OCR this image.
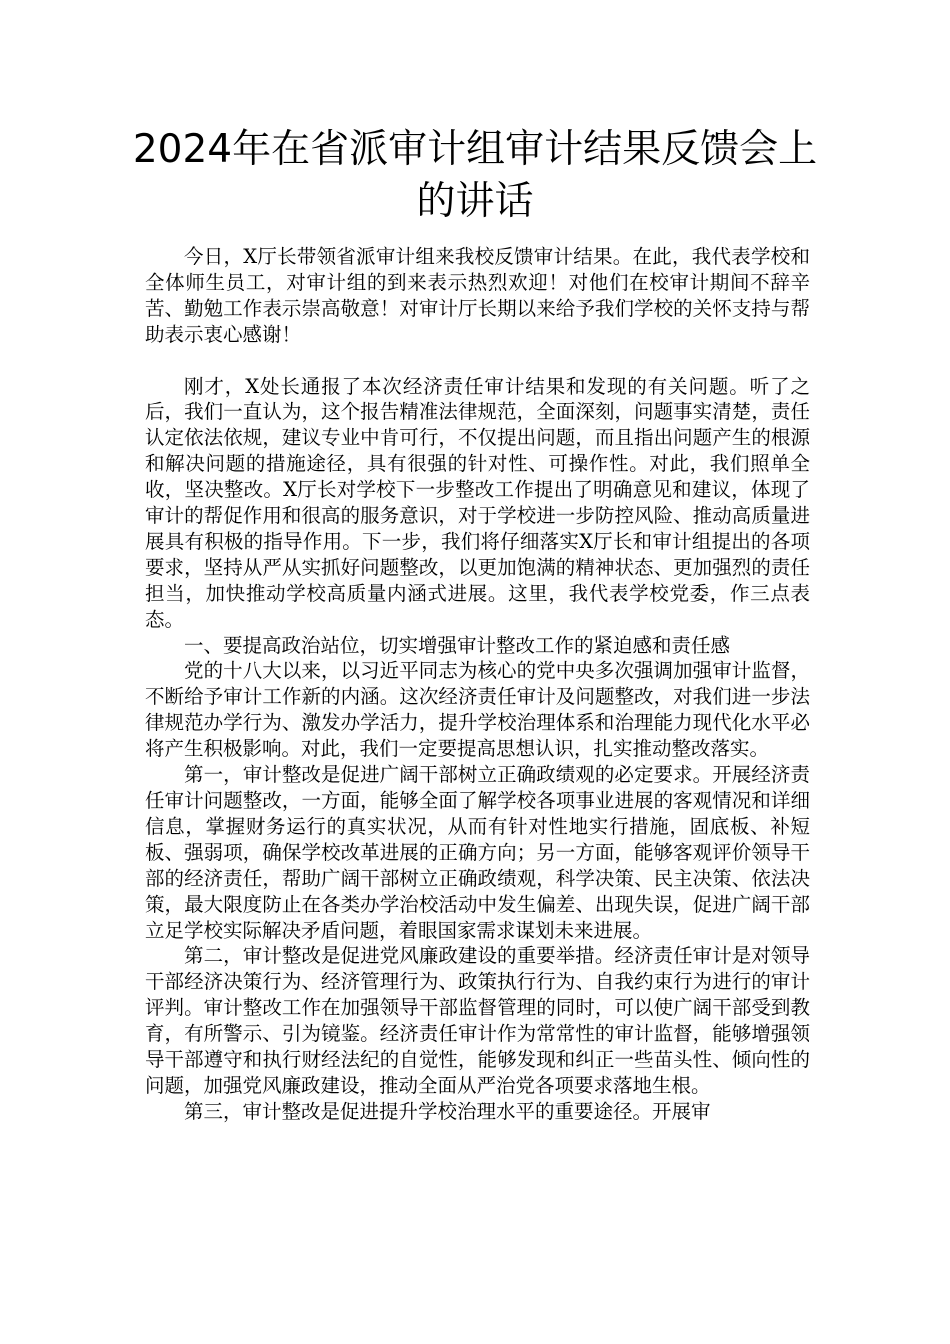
2024年在省派审计组审计结果反馈会上的讲话

今日，X厅长带领省派审计组来我校反馈审计结果。在此，我代表学校和全体师生员工，对审计组的到来表示热烈欢迎！对他们在校审计期间不辞辛苦、勤勉工作表示崇高敬意！对审计厅长期以来给予我们学校的关怀支持与帮助表示衷心感谢！

刚才，X处长通报了本次经济责任审计结果和发现的有关问题。听了之后，我们一直认为，这个报告精准法律规范，全面深刻，问题事实清楚，责任认定依法依规，建议专业中肯可行，不仅提出问题，而且指出问题产生的根源和解决问题的措施途径，具有很强的针对性、可操作性。对此，我们照单全收，坚决整改。X厅长对学校下一步整改工作提出了明确意见和建议，体现了审计的帮促作用和很高的服务意识，对于学校进一步防控风险、推动高质量进展具有积极的指导作用。下一步，我们将仔细落实X厅长和审计组提出的各项要求，坚持从严从实抓好问题整改，以更加饱满的精神状态、更加强烈的责任担当，加快推动学校高质量内涵式进展。这里，我代表学校党委，作三点表态。

一、要提高政治站位，切实增强审计整改工作的紧迫感和责任感

党的十八大以来，以习近平同志为核心的党中央多次强调加强审计监督，不断给予审计工作新的内涵。这次经济责任审计及问题整改，对我们进一步法律规范办学行为、激发办学活力，提升学校治理体系和治理能力现代化水平必将产生积极影响。对此，我们一定要提高思想认识，扎实推动整改落实。

第一，审计整改是促进广阔干部树立正确政绩观的必定要求。开展经济责任审计问题整改，一方面，能够全面了解学校各项事业进展的客观情况和详细信息，掌握财务运行的真实状况，从而有针对性地实行措施，固底板、补短板、强弱项，确保学校改革进展的正确方向；另一方面，能够客观评价领导干部的经济责任，帮助广阔干部树立正确政绩观，科学决策、民主决策、依法决策，最大限度防止在各类办学治校活动中发生偏差、出现失误，促进广阔干部立足学校实际解决矛盾问题，着眼国家需求谋划未来进展。

第二，审计整改是促进党风廉政建设的重要举措。经济责任审计是对领导干部经济决策行为、经济管理行为、政策执行行为、自我约束行为进行的审计评判。审计整改工作在加强领导干部监督管理的同时，可以使广阔干部受到教育，有所警示、引为镜鉴。经济责任审计作为常常性的审计监督，能够增强领导干部遵守和执行财经法纪的自觉性，能够发现和纠正一些苗头性、倾向性的问题，加强党风廉政建设，推动全面从严治党各项要求落地生根。

第三，审计整改是促进提升学校治理水平的重要途径。开展审
